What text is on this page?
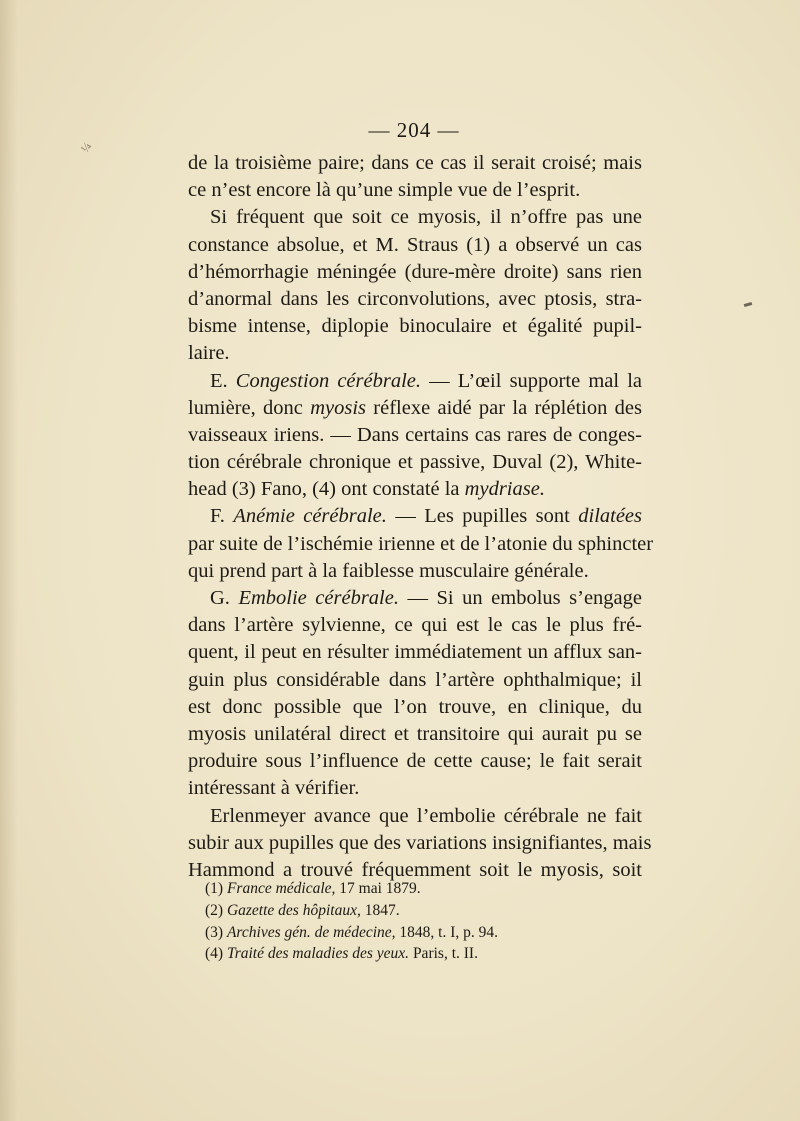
¼
— 204 —
de la troisième paire; dans ce cas il serait croisé; mais
ce n’est encore là qu’une simple vue de l’esprit.
Si fréquent que soit ce myosis, il n’offre pas une
constance absolue, et M. Straus (1) a observé un cas
d’hémorrhagie méningée (dure-mère droite) sans rien
d’anormal dans les circonvolutions, avec ptosis, stra-
bisme intense, diplopie binoculaire et égalité pupil-
laire.
E. Congestion cérébrale. — L’œil supporte mal la
lumière, donc myosis réflexe aidé par la réplétion des
vaisseaux iriens. — Dans certains cas rares de conges-
tion cérébrale chronique et passive, Duval (2), White-
head (3) Fano, (4) ont constaté la mydriase.
F. Anémie cérébrale. — Les pupilles sont dilatées
par suite de l’ischémie irienne et de l’atonie du sphincter
qui prend part à la faiblesse musculaire générale.
G. Embolie cérébrale. — Si un embolus s’engage
dans l’artère sylvienne, ce qui est le cas le plus fré-
quent, il peut en résulter immédiatement un afflux san-
guin plus considérable dans l’artère ophthalmique; il
est donc possible que l’on trouve, en clinique, du
myosis unilatéral direct et transitoire qui aurait pu se
produire sous l’influence de cette cause; le fait serait
intéressant à vérifier.
Erlenmeyer avance que l’embolie cérébrale ne fait
subir aux pupilles que des variations insignifiantes, mais
Hammond a trouvé fréquemment soit le myosis, soit
(1) France médicale, 17 mai 1879.
(2) Gazette des hôpitaux, 1847.
(3) Archives gén. de médecine, 1848, t. I, p. 94.
(4) Traité des maladies des yeux. Paris, t. II.
